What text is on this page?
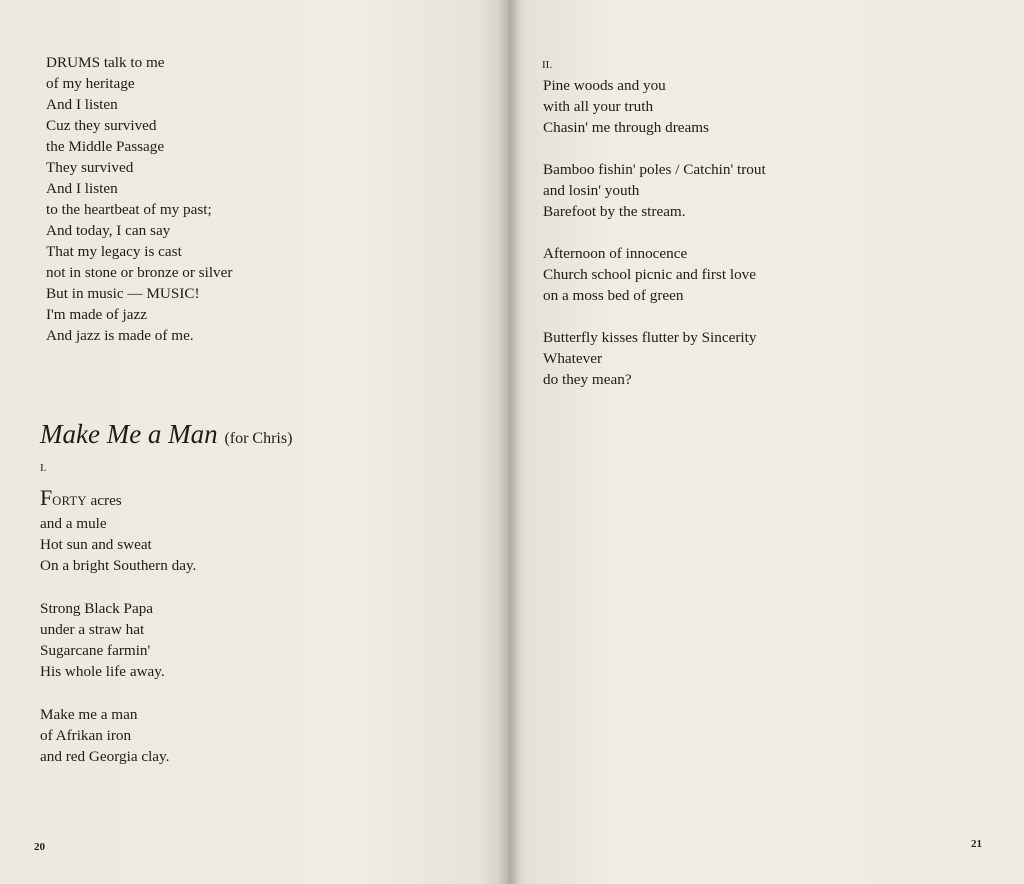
DRUMS talk to me
of my heritage
And I listen
Cuz they survived
the Middle Passage
They survived
And I listen
to the heartbeat of my past;
And today, I can say
That my legacy is cast
not in stone or bronze or silver
But in music — MUSIC!
I'm made of jazz
And jazz is made of me.
Make Me a Man (for Chris)
I.
FORTY acres
and a mule
Hot sun and sweat
On a bright Southern day.
Strong Black Papa
under a straw hat
Sugarcane farmin'
His whole life away.
Make me a man
of Afrikan iron
and red Georgia clay.
20
II.
Pine woods and you
with all your truth
Chasin' me through dreams
Bamboo fishin' poles / Catchin' trout
and losin' youth
Barefoot by the stream.
Afternoon of innocence
Church school picnic and first love
on a moss bed of green
Butterfly kisses flutter by Sincerity
Whatever
do they mean?
21
